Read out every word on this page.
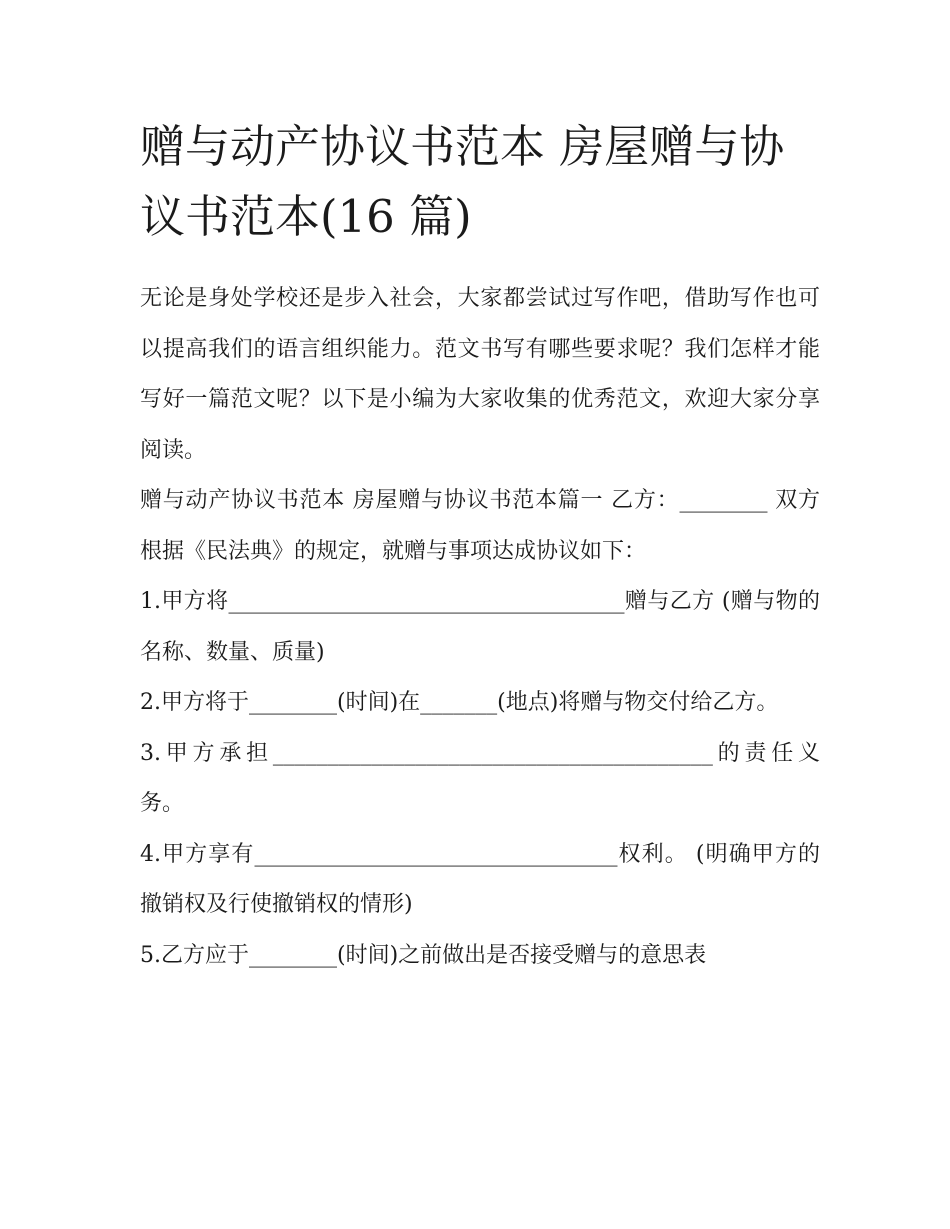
赠与动产协议书范本 房屋赠与协议书范本(16 篇)

无论是身处学校还是步入社会，大家都尝试过写作吧，借助写作也可以提高我们的语言组织能力。范文书写有哪些要求呢？我们怎样才能写好一篇范文呢？以下是小编为大家收集的优秀范文，欢迎大家分享阅读。

赠与动产协议书范本 房屋赠与协议书范本篇一 乙方：________ 双方根据《民法典》的规定，就赠与事项达成协议如下：

1.甲方将____________________________________赠与乙方 (赠与物的名称、数量、质量)

2.甲方将于________(时间)在_______(地点)将赠与物交付给乙方。

3.甲方承担________________________________________的责任义务。

4.甲方享有_________________________________权利。 (明确甲方的撤销权及行使撤销权的情形)

5.乙方应于________(时间)之前做出是否接受赠与的意思表
